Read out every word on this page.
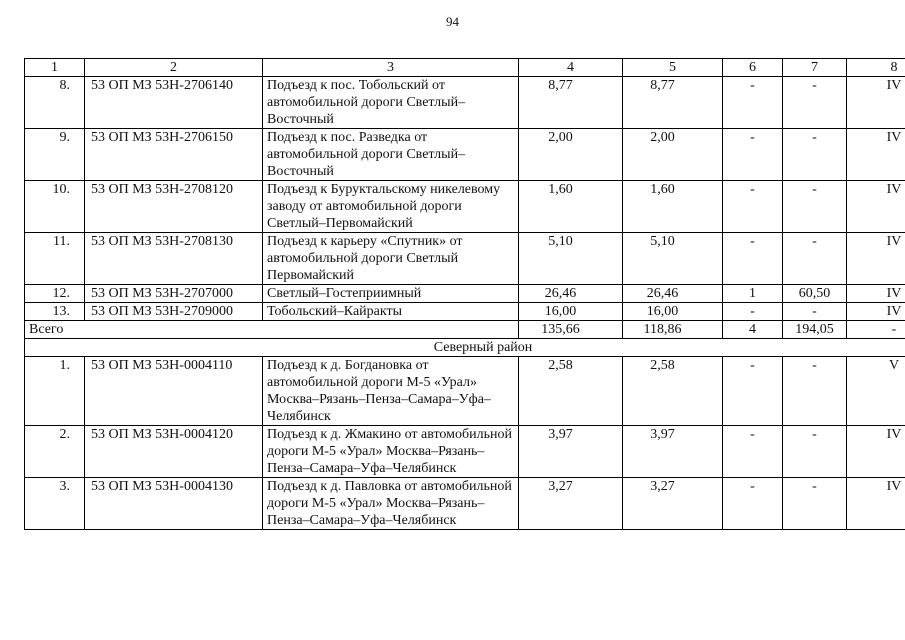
94
1	2	3	4	5	6	7	8
8.	53 ОП МЗ 53Н-2706140	Подъезд к пос. Тобольский от автомобильной дороги Светлый–Восточный	8,77	8,77	-	-	IV
9.	53 ОП МЗ 53Н-2706150	Подъезд к пос. Разведка от автомобильной дороги Светлый–Восточный	2,00	2,00	-	-	IV
10.	53 ОП МЗ 53Н-2708120	Подъезд к Буруктальскому никелевому заводу от автомобильной дороги Светлый–Первомайский	1,60	1,60	-	-	IV
11.	53 ОП МЗ 53Н-2708130	Подъезд к карьеру «Спутник» от автомобильной дороги Светлый Первомайский	5,10	5,10	-	-	IV
12.	53 ОП МЗ 53Н-2707000	Светлый–Гостеприимный	26,46	26,46	1	60,50	IV
13.	53 ОП МЗ 53Н-2709000	Тобольский–Кайракты	16,00	16,00	-	-	IV
Всего			135,66	118,86	4	194,05	-
Северный район							
1.	53 ОП МЗ 53Н-0004110	Подъезд к д. Богдановка от автомобильной дороги М-5 «Урал» Москва–Рязань–Пенза–Самара–Уфа–Челябинск	2,58	2,58	-	-	V
2.	53 ОП МЗ 53Н-0004120	Подъезд к д. Жмакино от автомобильной дороги М-5 «Урал» Москва–Рязань–Пенза–Самара–Уфа–Челябинск	3,97	3,97	-	-	IV
3.	53 ОП МЗ 53Н-0004130	Подъезд к д. Павловка от автомобильной дороги М-5 «Урал» Москва–Рязань–Пенза–Самара–Уфа–Челябинск	3,27	3,27	-	-	IV
